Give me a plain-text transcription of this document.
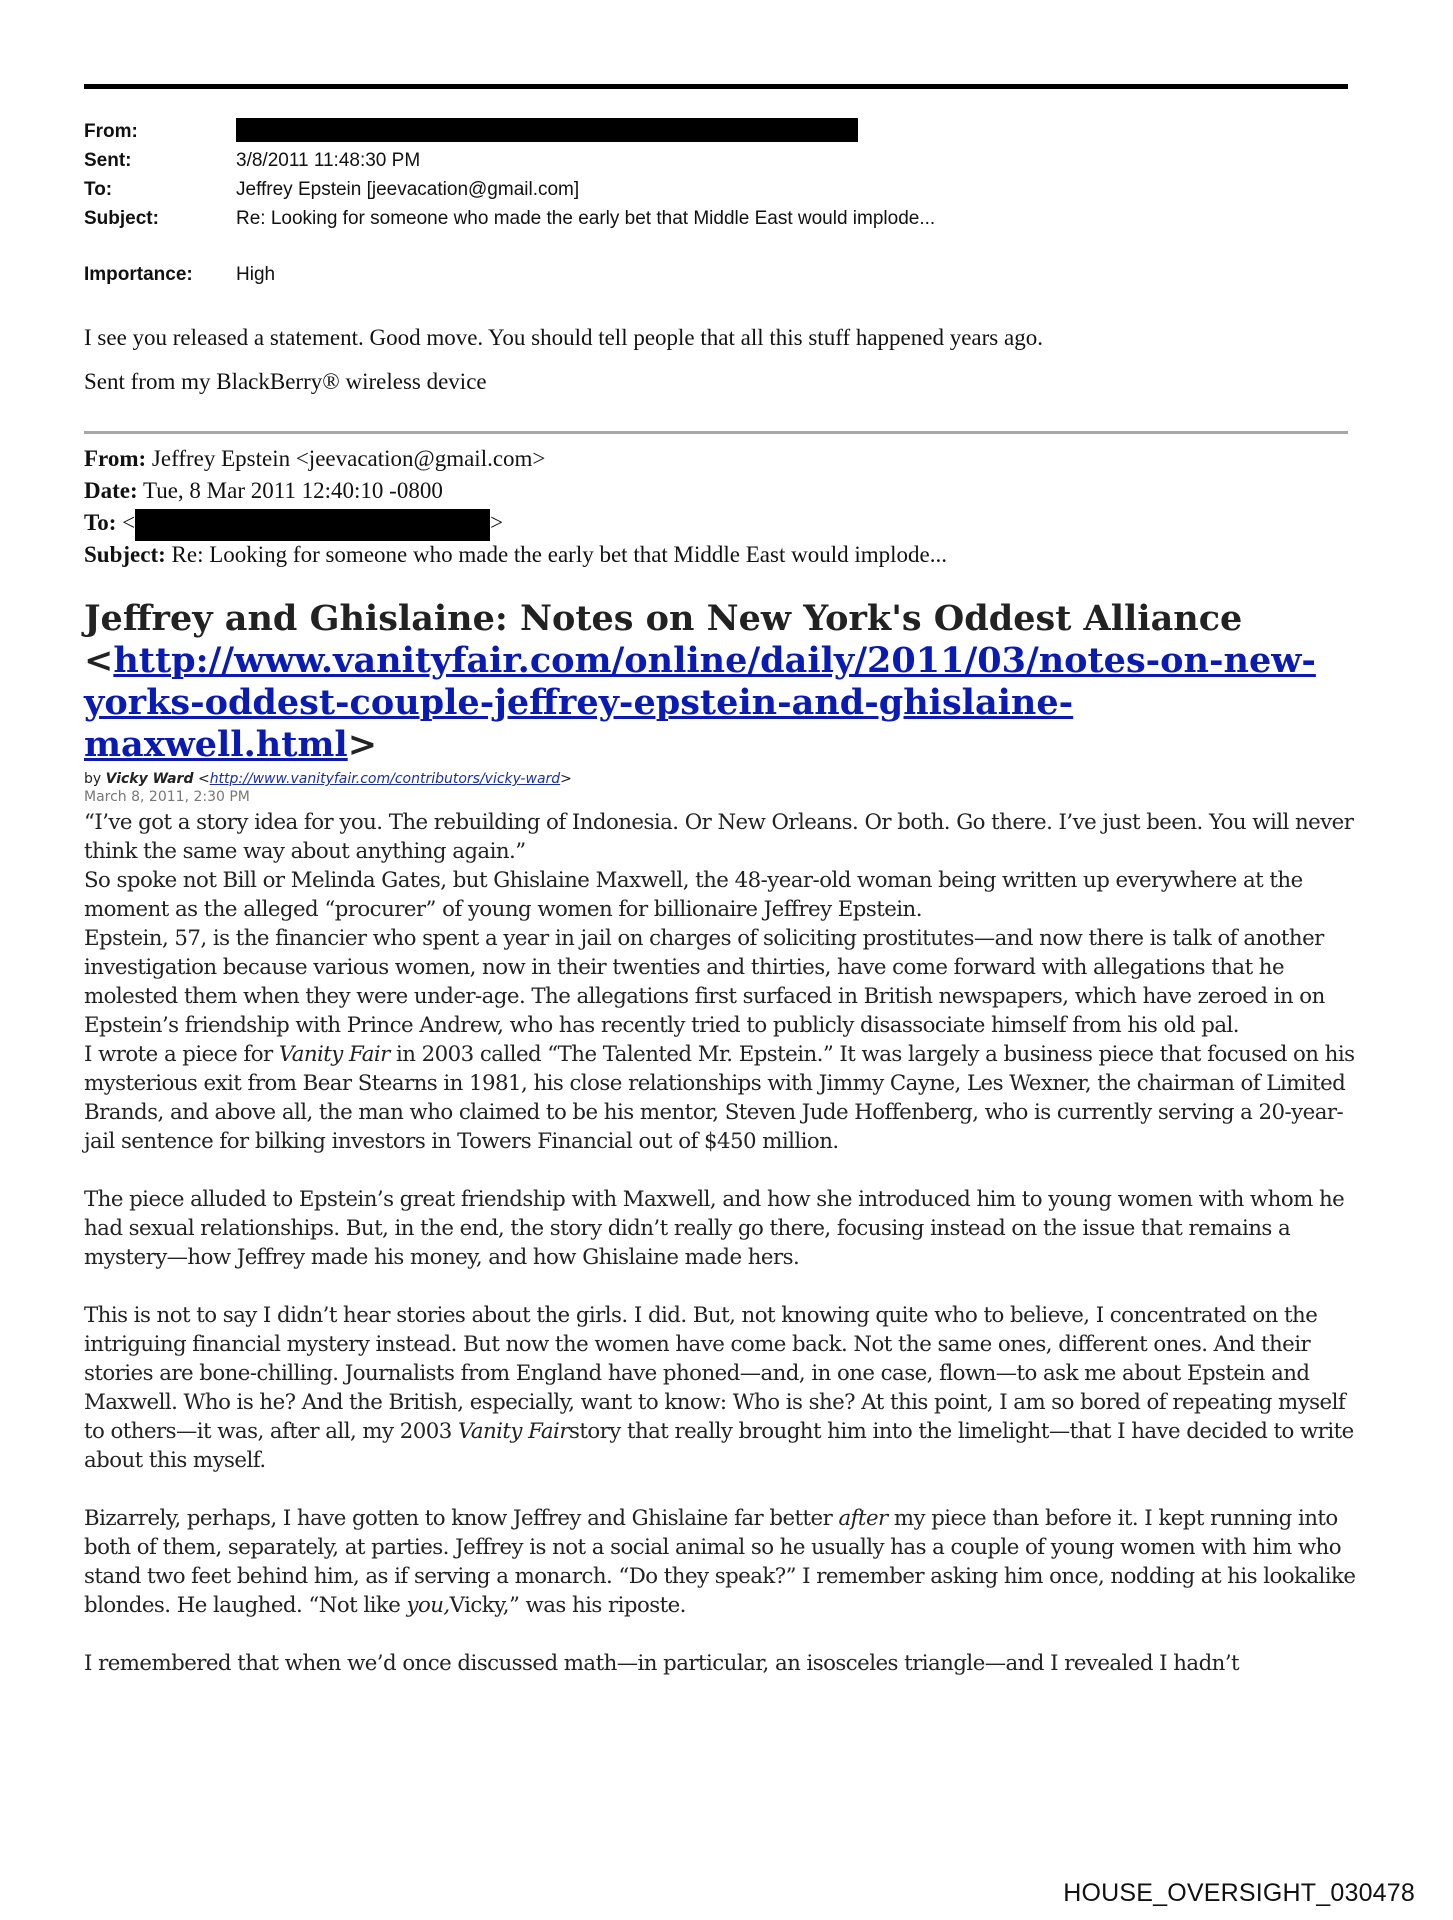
From:
Sent:	3/8/2011 11:48:30 PM
To:	Jeffrey Epstein [jeevacation@gmail.com]
Subject:	Re: Looking for someone who made the early bet that Middle East would implode...
Importance: High
I see you released a statement. Good move. You should tell people that all this stuff happened years ago.
Sent from my BlackBerry® wireless device
From: Jeffrey Epstein <jeevacation@gmail.com>
Date: Tue, 8 Mar 2011 12:40:10 -0800
To: <	>
Subject: Re: Looking for someone who made the early bet that Middle East would implode...
Jeffrey and Ghislaine: Notes on New York's Oddest Alliance
<http://www.vanityfair.com/online/daily/2011/03/notes-on-new-yorks-oddest-couple-jeffrey-epstein-and-ghislaine-maxwell.html>
by Vicky Ward <http://www.vanityfair.com/contributors/vicky-ward>
March 8, 2011, 2:30 PM

“I’ve got a story idea for you. The rebuilding of Indonesia. Or New Orleans. Or both. Go there. I’ve just been. You will never think the same way about anything again.”

So spoke not Bill or Melinda Gates, but Ghislaine Maxwell, the 48-year-old woman being written up everywhere at the moment as the alleged “procurer” of young women for billionaire Jeffrey Epstein.

Epstein, 57, is the financier who spent a year in jail on charges of soliciting prostitutes—and now there is talk of another investigation because various women, now in their twenties and thirties, have come forward with allegations that he molested them when they were under-age. The allegations first surfaced in British newspapers, which have zeroed in on Epstein’s friendship with Prince Andrew, who has recently tried to publicly disassociate himself from his old pal.

I wrote a piece for Vanity Fair in 2003 called “The Talented Mr. Epstein.” It was largely a business piece that focused on his mysterious exit from Bear Stearns in 1981, his close relationships with Jimmy Cayne, Les Wexner, the chairman of Limited Brands, and above all, the man who claimed to be his mentor, Steven Jude Hoffenberg, who is currently serving a 20-year-jail sentence for bilking investors in Towers Financial out of $450 million.

The piece alluded to Epstein’s great friendship with Maxwell, and how she introduced him to young women with whom he had sexual relationships. But, in the end, the story didn’t really go there, focusing instead on the issue that remains a mystery—how Jeffrey made his money, and how Ghislaine made hers.

This is not to say I didn’t hear stories about the girls. I did. But, not knowing quite who to believe, I concentrated on the intriguing financial mystery instead. But now the women have come back. Not the same ones, different ones. And their stories are bone-chilling. Journalists from England have phoned—and, in one case, flown—to ask me about Epstein and Maxwell. Who is he? And the British, especially, want to know: Who is she? At this point, I am so bored of repeating myself to others—it was, after all, my 2003 Vanity Fairstory that really brought him into the limelight—that I have decided to write about this myself.

Bizarrely, perhaps, I have gotten to know Jeffrey and Ghislaine far better after my piece than before it. I kept running into both of them, separately, at parties. Jeffrey is not a social animal so he usually has a couple of young women with him who stand two feet behind him, as if serving a monarch. “Do they speak?” I remember asking him once, nodding at his lookalike blondes. He laughed. “Not like you,Vicky,” was his riposte.

I remembered that when we’d once discussed math—in particular, an isosceles triangle—and I revealed I hadn’t

HOUSE_OVERSIGHT_030478
